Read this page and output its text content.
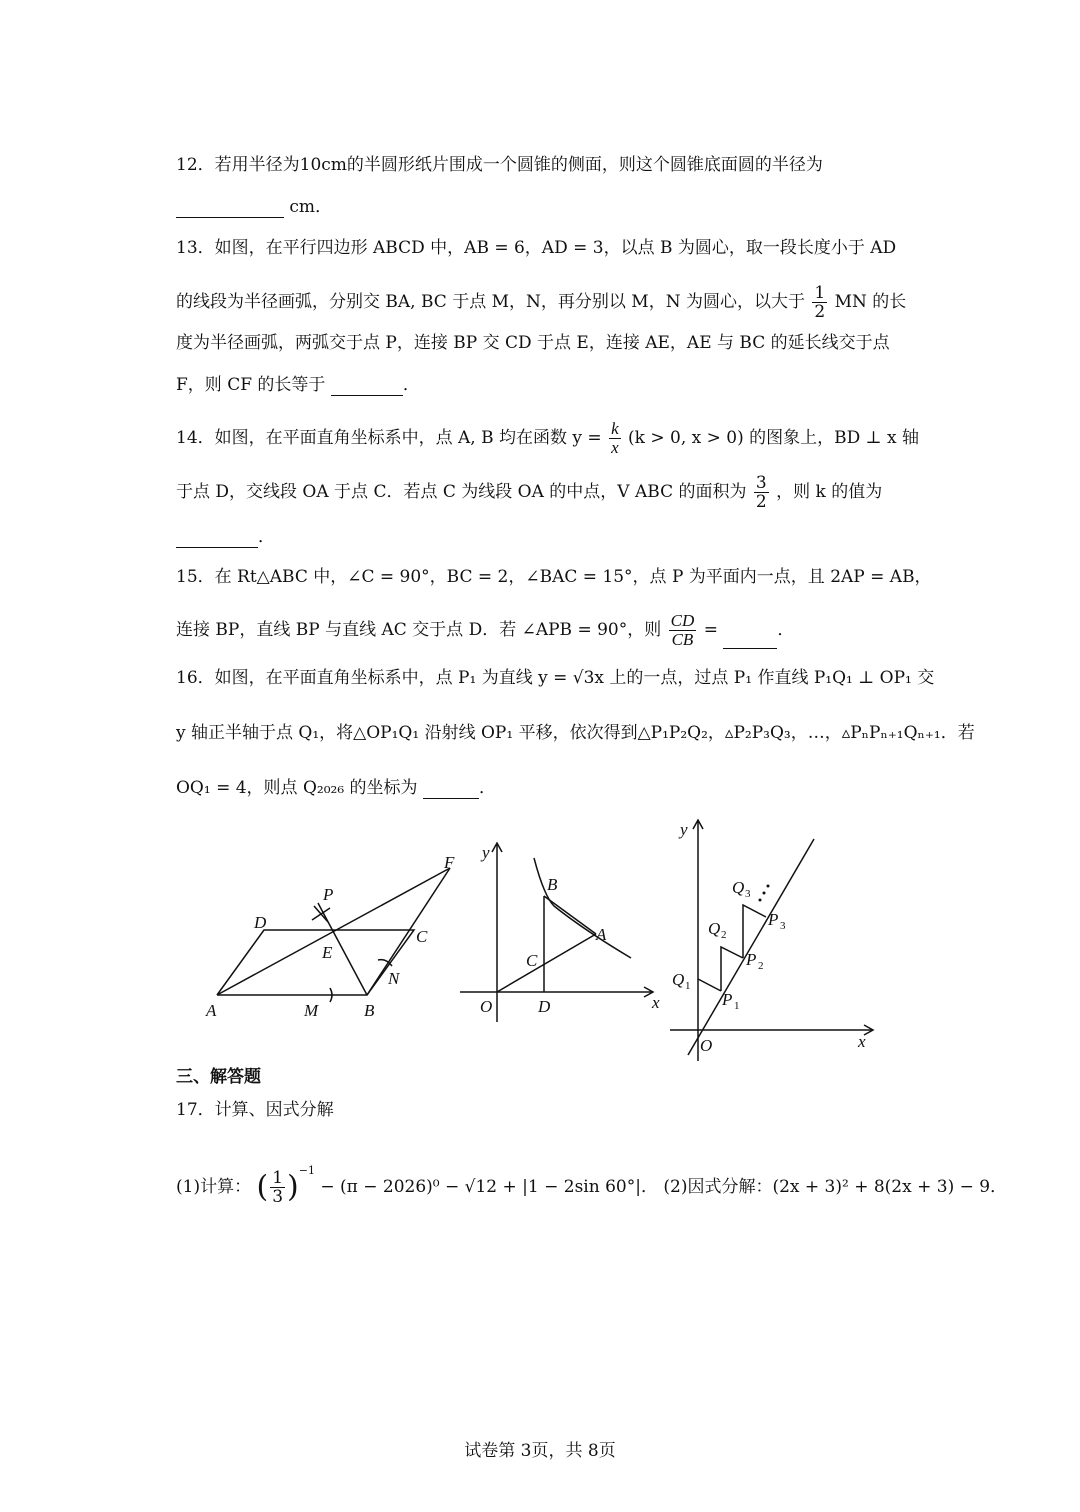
12．若用半径为10cm的半圆形纸片围成一个圆锥的侧面，则这个圆锥底面圆的半径为
cm．
13．如图，在平行四边形 ABCD 中，AB = 6，AD = 3，以点 B 为圆心，取一段长度小于 AD
的线段为半径画弧，分别交 BA, BC 于点 M，N，再分别以 M，N 为圆心，以大于 $\frac{1}{2}$ MN 的长
度为半径画弧，两弧交于点 P，连接 BP 交 CD 于点 E，连接 AE，AE 与 BC 的延长线交于点
F，则 CF 的长等于	．
14．如图，在平面直角坐标系中，点 A, B 均在函数 $y = \frac{k}{x} (k > 0$, x > 0) 的图象上，BD ⊥ x 轴
于点 D，交线段 OA 于点 C．若点 C 为线段 OA 的中点，V ABC 的面积为 $\frac{3}{2}$ ，则 k 的值为
．
15．在 Rt△ABC 中，∠C = 90°，BC = 2，∠BAC = 15°，点 P 为平面内一点，且 2AP = AB，
连接 BP，直线 BP 与直线 AC 交于点 D．若 ∠APB = 90°，则 $\frac{CD}{CB}$ =	．
16．如图，在平面直角坐标系中，点 P₁ 为直线 y = √3x 上的一点，过点 P₁ 作直线 P₁Q₁ ⊥ OP₁ 交
y 轴正半轴于点 Q₁，将△OP₁Q₁ 沿射线 OP₁ 平移，依次得到△P₁P₂Q₂，▵P₂P₃Q₃，…，▵PₙPₙ₊₁Qₙ₊₁．若
OQ₁ = 4，则点 Q₂₀₂₆ 的坐标为	．
A	B
C
D
E
F
M
N
P
y
x
O
A
B
C
D
y
x
O
Q 1
P 1
Q 2
P 2
Q 3
P 3
三、解答题
17．计算、因式分解
(1)计算： ( $\frac{1}{3} )^{-1} - (\pi - 2026)^0 - √12 + |1 - 2\sin$ 60°|． (2)因式分解：(2x + 3)² + 8(2x + 3) − 9．
试卷第 3页，共 8页
